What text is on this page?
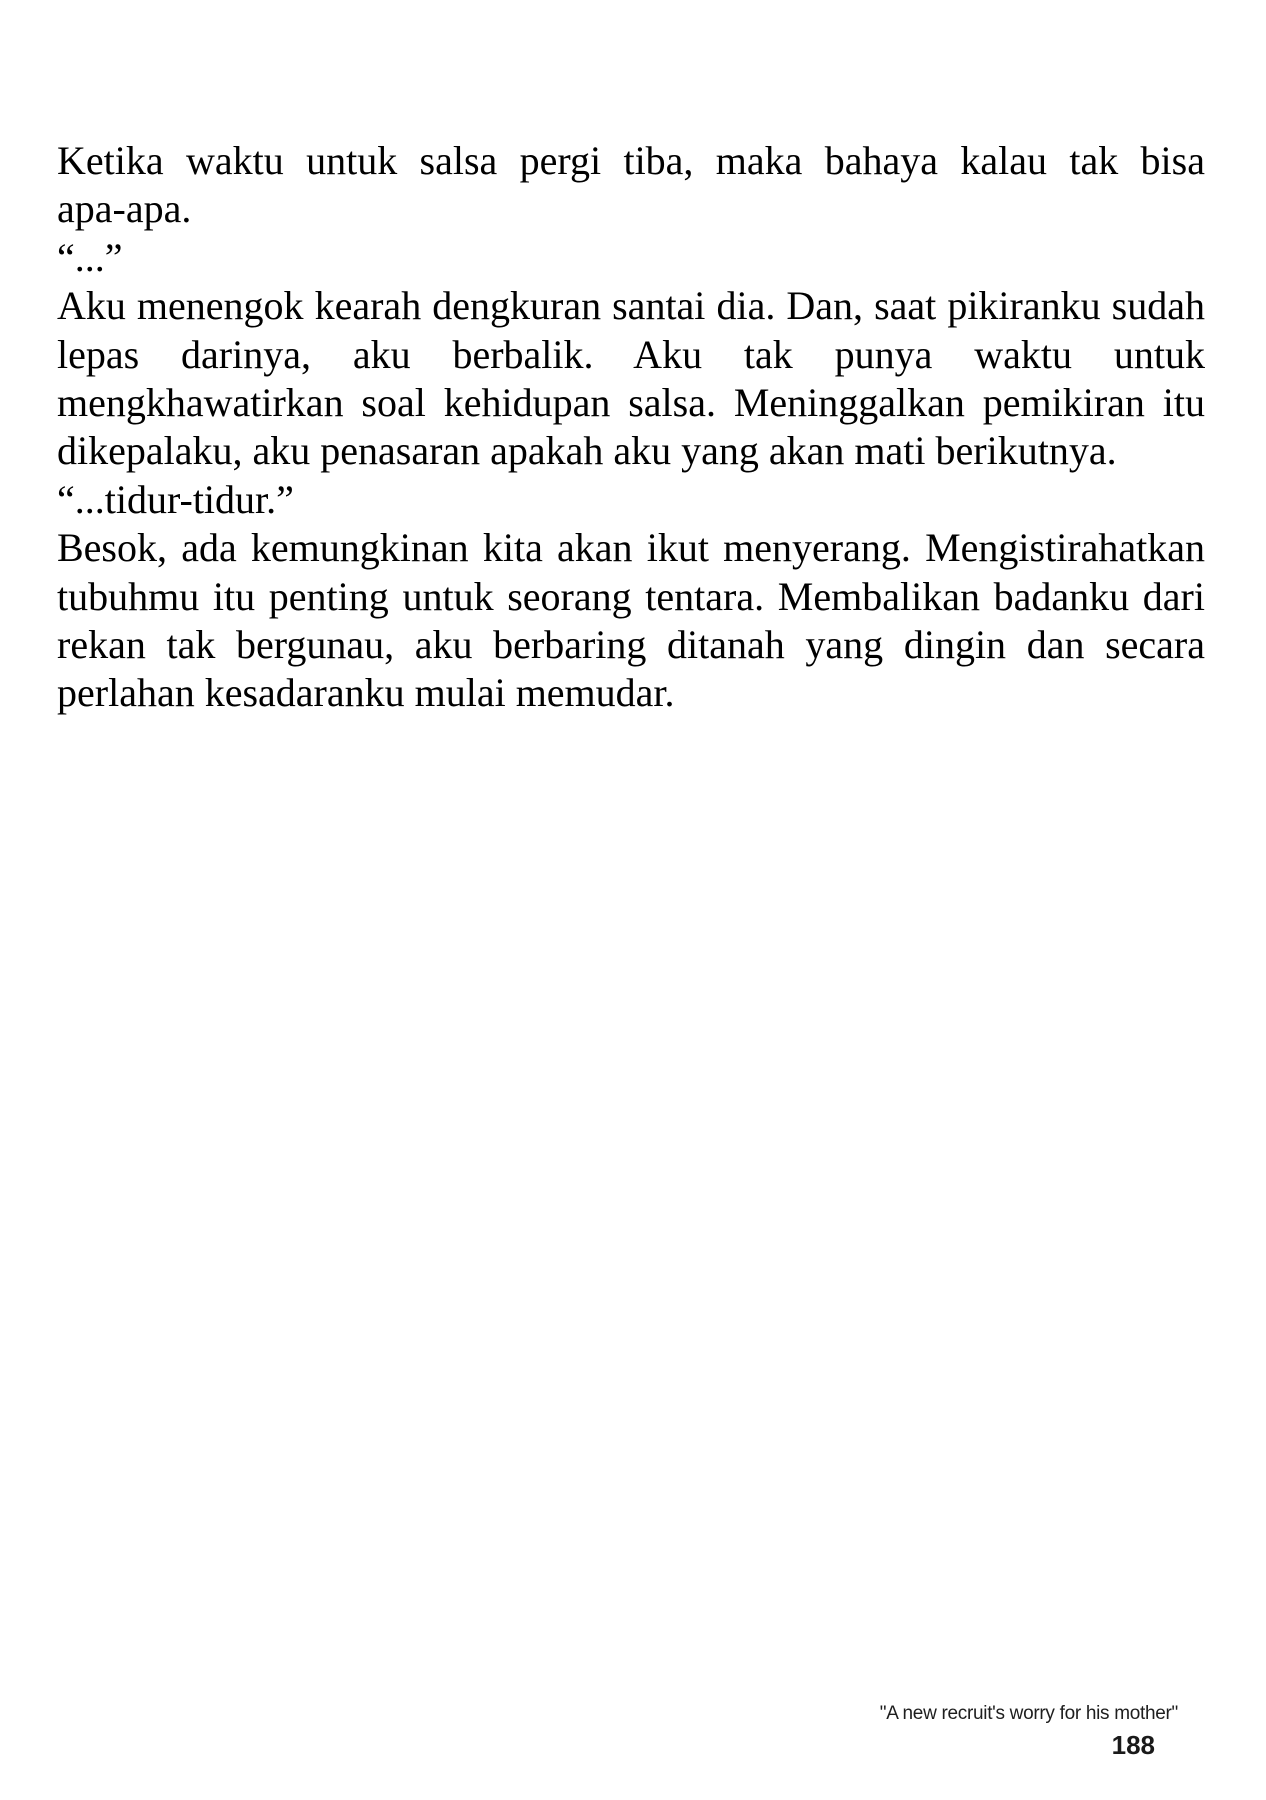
Ketika waktu untuk salsa pergi tiba, maka bahaya kalau tak bisa
apa-apa.
“...”
Aku menengok kearah dengkuran santai dia. Dan, saat pikiranku sudah
lepas darinya, aku berbalik. Aku tak punya waktu untuk
mengkhawatirkan soal kehidupan salsa. Meninggalkan pemikiran itu
dikepalaku, aku penasaran apakah aku yang akan mati berikutnya.
“...tidur-tidur.”
Besok, ada kemungkinan kita akan ikut menyerang. Mengistirahatkan
tubuhmu itu penting untuk seorang tentara. Membalikan badanku dari
rekan tak bergunau, aku berbaring ditanah yang dingin dan secara
perlahan kesadaranku mulai memudar.
"A new recruit's worry for his mother"
188
